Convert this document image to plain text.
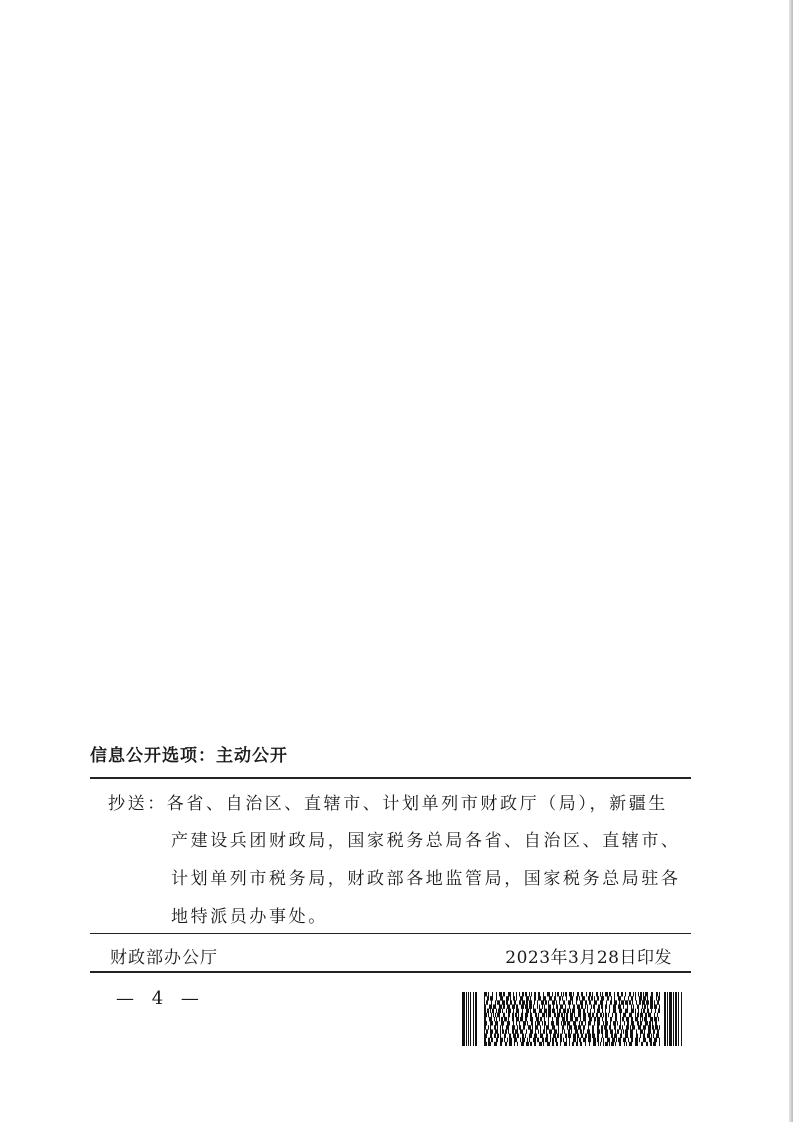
信息公开选项：主动公开
抄送：各省、自治区、直辖市、计划单列市财政厅（局），新疆生
产建设兵团财政局，国家税务总局各省、自治区、直辖市、
计划单列市税务局，财政部各地监管局，国家税务总局驻各
地特派员办事处。
财政部办公厅	2023年3月28日印发
— 4 —
